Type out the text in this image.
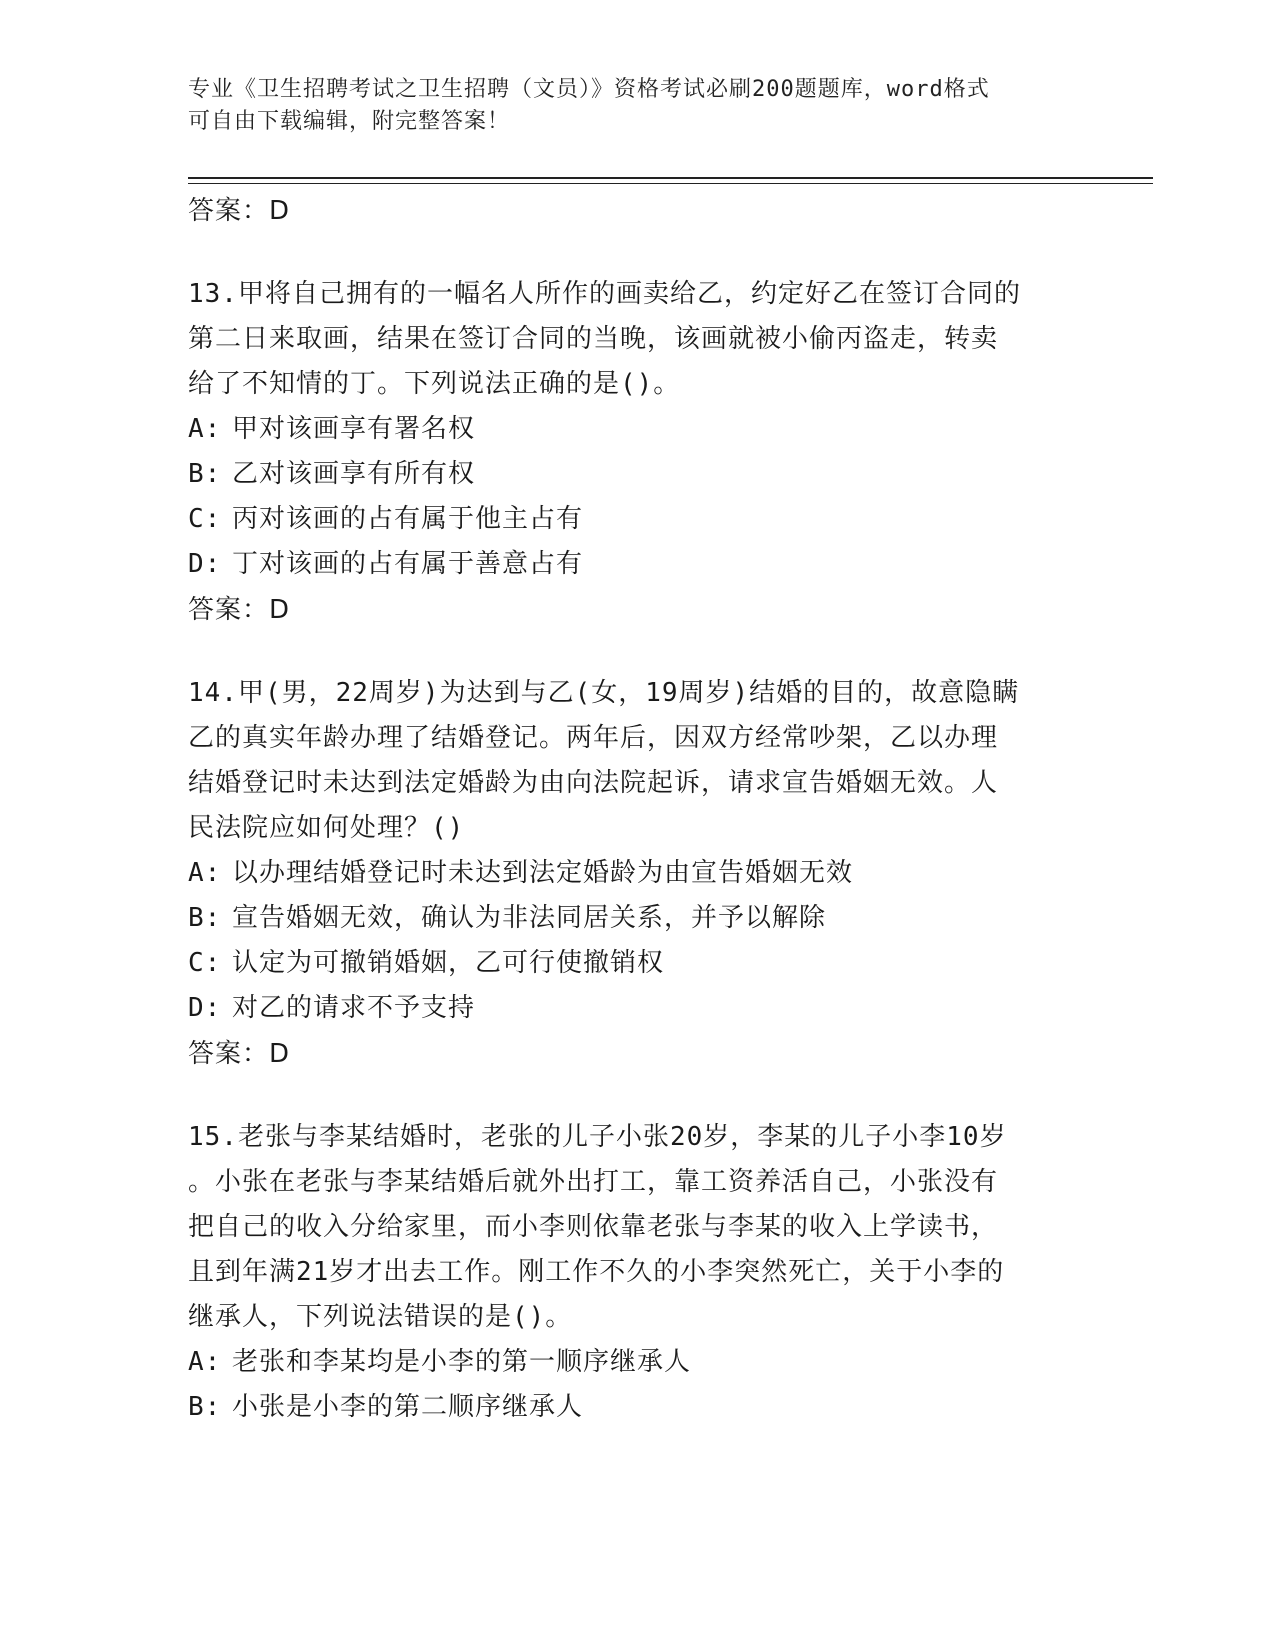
专业《卫生招聘考试之卫生招聘（文员）》资格考试必刷200题题库，word格式
可自由下载编辑，附完整答案！
答案：D
13.甲将自己拥有的一幅名人所作的画卖给乙，约定好乙在签订合同的
第二日来取画，结果在签订合同的当晚，该画就被小偷丙盗走，转卖
给了不知情的丁。下列说法正确的是()。
A: 甲对该画享有署名权
B: 乙对该画享有所有权
C: 丙对该画的占有属于他主占有
D: 丁对该画的占有属于善意占有
答案：D
14.甲(男，22周岁)为达到与乙(女，19周岁)结婚的目的，故意隐瞒
乙的真实年龄办理了结婚登记。两年后，因双方经常吵架，乙以办理
结婚登记时未达到法定婚龄为由向法院起诉，请求宣告婚姻无效。人
民法院应如何处理？()
A: 以办理结婚登记时未达到法定婚龄为由宣告婚姻无效
B: 宣告婚姻无效，确认为非法同居关系，并予以解除
C: 认定为可撤销婚姻，乙可行使撤销权
D: 对乙的请求不予支持
答案：D
15.老张与李某结婚时，老张的儿子小张20岁，李某的儿子小李10岁
。小张在老张与李某结婚后就外出打工，靠工资养活自己，小张没有
把自己的收入分给家里，而小李则依靠老张与李某的收入上学读书，
且到年满21岁才出去工作。刚工作不久的小李突然死亡，关于小李的
继承人，下列说法错误的是()。
A: 老张和李某均是小李的第一顺序继承人
B: 小张是小李的第二顺序继承人
